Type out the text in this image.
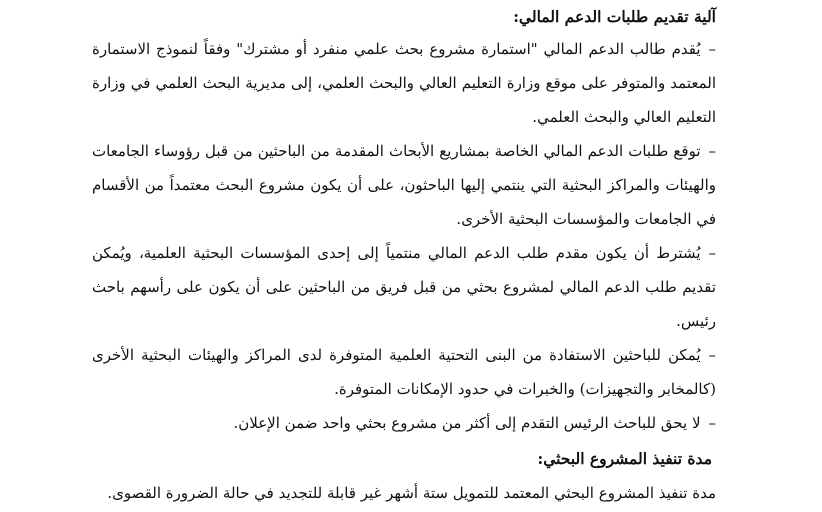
آلية تقديم طلبات الدعم المالي:

–يُقدم طالب الدعم المالي "استمارة مشروع بحث علمي منفرد أو مشترك" وفقاً لنموذج الاستمارة المعتمد والمتوفر على موقع وزارة التعليم العالي والبحث العلمي، إلى مديرية البحث العلمي في وزارة التعليم العالي والبحث العلمي.

–توقع طلبات الدعم المالي الخاصة بمشاريع الأبحاث المقدمة من الباحثين من قبل رؤوساء الجامعات والهيئات والمراكز البحثية التي ينتمي إليها الباحثون، على أن يكون مشروع البحث معتمداً من الأقسام في الجامعات والمؤسسات البحثية الأخرى.

–يُشترط أن يكون مقدم طلب الدعم المالي منتمياً إلى إحدى المؤسسات البحثية العلمية، ويُمكن تقديم طلب الدعم المالي لمشروع بحثي من قبل فريق من الباحثين على أن يكون على رأسهم باحث رئيس.

–يُمكن للباحثين الاستفادة من البنى التحتية العلمية المتوفرة لدى المراكز والهيئات البحثية الأخرى (كالمخابر والتجهيزات) والخبرات في حدود الإمكانات المتوفرة.

–لا يحق للباحث الرئيس التقدم إلى أكثر من مشروع بحثي واحد ضمن الإعلان.

مدة تنفيذ المشروع البحثي:

مدة تنفيذ المشروع البحثي المعتمد للتمويل ستة أشهر غير قابلة للتجديد في حالة الضرورة القصوى.
